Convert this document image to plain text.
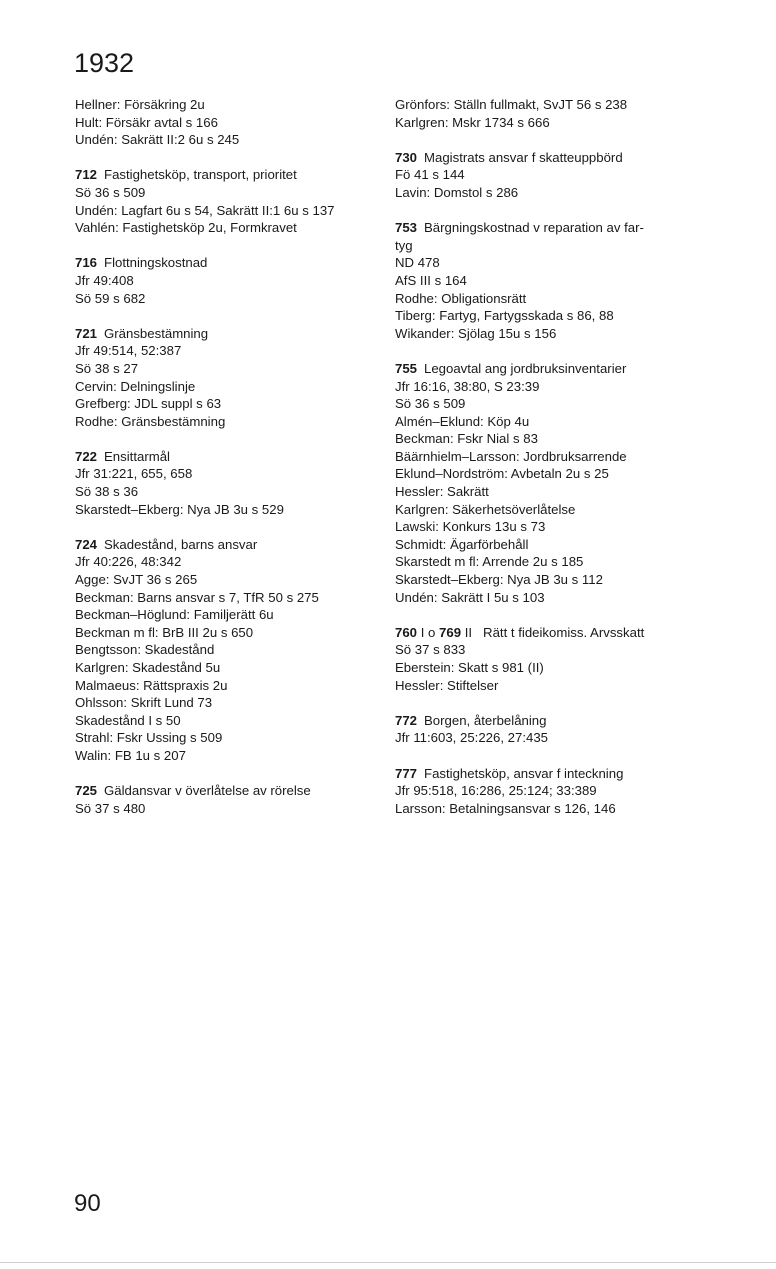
1932

Hellner: Försäkring 2u

Hult: Försäkr avtal s 166

Undén: Sakrätt II:2 6u s 245

712 Fastighetsköp, transport, prioritet

Sö 36 s 509

Undén: Lagfart 6u s 54, Sakrätt II:1 6u s 137

Vahlén: Fastighetsköp 2u, Formkravet

716 Flottningskostnad

Jfr 49:408

Sö 59 s 682

721 Gränsbestämning

Jfr 49:514, 52:387

Sö 38 s 27

Cervin: Delningslinje

Grefberg: JDL suppl s 63

Rodhe: Gränsbestämning

722 Ensittarmål

Jfr 31:221, 655, 658

Sö 38 s 36

Skarstedt–Ekberg: Nya JB 3u s 529

724 Skadestånd, barns ansvar

Jfr 40:226, 48:342

Agge: SvJT 36 s 265

Beckman: Barns ansvar s 7, TfR 50 s 275

Beckman–Höglund: Familjerätt 6u

Beckman m fl: BrB III 2u s 650

Bengtsson: Skadestånd

Karlgren: Skadestånd 5u

Malmaeus: Rättspraxis 2u

Ohlsson: Skrift Lund 73

Skadestånd I s 50

Strahl: Fskr Ussing s 509

Walin: FB 1u s 207

725 Gäldansvar v överlåtelse av rörelse

Sö 37 s 480

Grönfors: Ställn fullmakt, SvJT 56 s 238

Karlgren: Mskr 1734 s 666

730 Magistrats ansvar f skatteuppbörd

Fö 41 s 144

Lavin: Domstol s 286

753 Bärgningskostnad v reparation av far-

tyg

ND 478

AfS III s 164

Rodhe: Obligationsrätt

Tiberg: Fartyg, Fartygsskada s 86, 88

Wikander: Sjölag 15u s 156

755 Legoavtal ang jordbruksinventarier

Jfr 16:16, 38:80, S 23:39

Sö 36 s 509

Almén–Eklund: Köp 4u

Beckman: Fskr Nial s 83

Bäärnhielm–Larsson: Jordbruksarrende

Eklund–Nordström: Avbetaln 2u s 25

Hessler: Sakrätt

Karlgren: Säkerhetsöverlåtelse

Lawski: Konkurs 13u s 73

Schmidt: Ägarförbehåll

Skarstedt m fl: Arrende 2u s 185

Skarstedt–Ekberg: Nya JB 3u s 112

Undén: Sakrätt I 5u s 103

760 I o 769 II Rätt t fideikomiss. Arvsskatt

Sö 37 s 833

Eberstein: Skatt s 981 (II)

Hessler: Stiftelser

772 Borgen, återbelåning

Jfr 11:603, 25:226, 27:435

777 Fastighetsköp, ansvar f inteckning

Jfr 95:518, 16:286, 25:124; 33:389

Larsson: Betalningsansvar s 126, 146

90
